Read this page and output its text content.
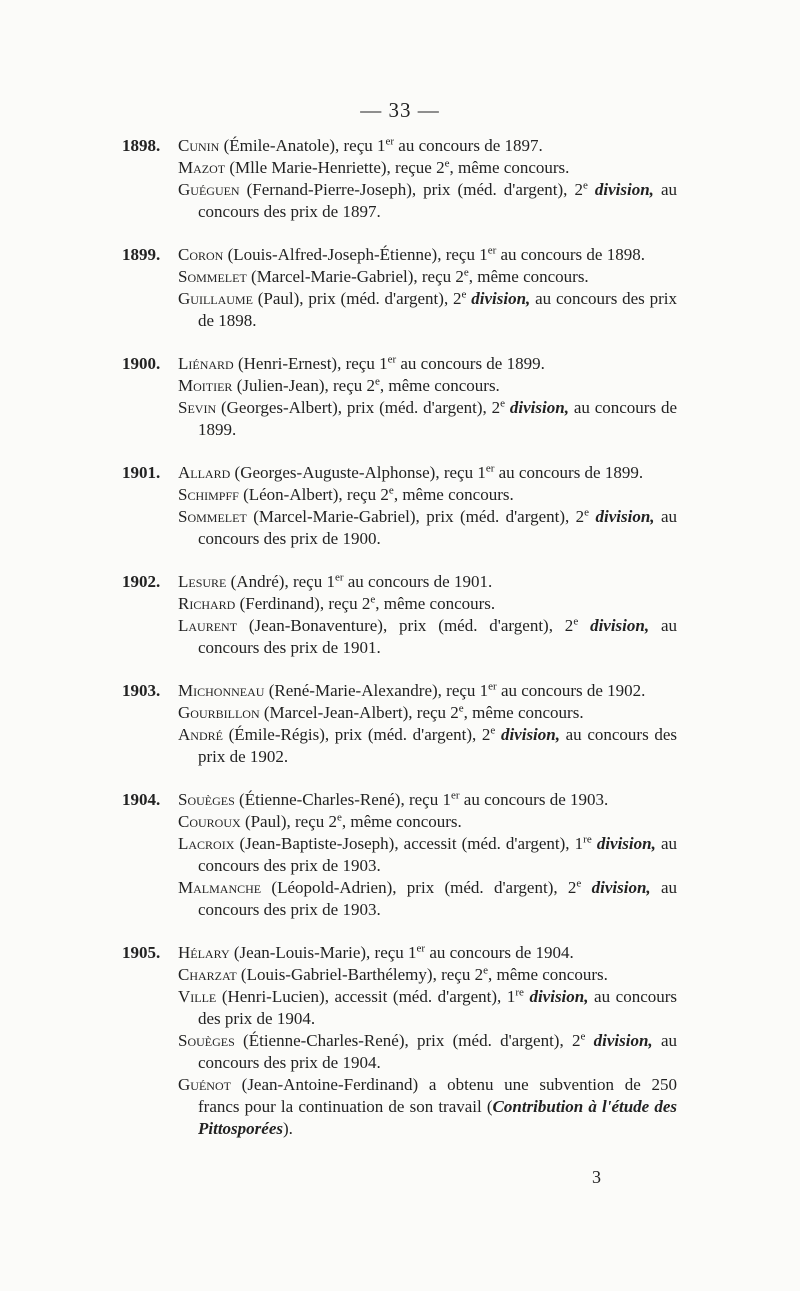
— 33 —
1898.	Cunin (Émile-Anatole), reçu 1er au concours de 1897.

Mazot (Mlle Marie-Henriette), reçue 2e, même concours.

Guéguen (Fernand-Pierre-Joseph), prix (méd. d'argent), 2e division, au concours des prix de 1897.

1899.	Coron (Louis-Alfred-Joseph-Étienne), reçu 1er au concours de 1898.

Sommelet (Marcel-Marie-Gabriel), reçu 2e, même concours.

Guillaume (Paul), prix (méd. d'argent), 2e division, au concours des prix de 1898.

1900.	Liénard (Henri-Ernest), reçu 1er au concours de 1899.

Moitier (Julien-Jean), reçu 2e, même concours.

Sevin (Georges-Albert), prix (méd. d'argent), 2e division, au concours de 1899.

1901.	Allard (Georges-Auguste-Alphonse), reçu 1er au concours de 1899.

Schimpff (Léon-Albert), reçu 2e, même concours.

Sommelet (Marcel-Marie-Gabriel), prix (méd. d'argent), 2e division, au concours des prix de 1900.

1902.	Lesure (André), reçu 1er au concours de 1901.

Richard (Ferdinand), reçu 2e, même concours.

Laurent (Jean-Bonaventure), prix (méd. d'argent), 2e division, au concours des prix de 1901.

1903.	Michonneau (René-Marie-Alexandre), reçu 1er au concours de 1902.

Gourbillon (Marcel-Jean-Albert), reçu 2e, même concours.

André (Émile-Régis), prix (méd. d'argent), 2e division, au concours des prix de 1902.

1904.	Souèges (Étienne-Charles-René), reçu 1er au concours de 1903.

Couroux (Paul), reçu 2e, même concours.

Lacroix (Jean-Baptiste-Joseph), accessit (méd. d'argent), 1re division, au concours des prix de 1903.

Malmanche (Léopold-Adrien), prix (méd. d'argent), 2e division, au concours des prix de 1903.

1905.	Hélary (Jean-Louis-Marie), reçu 1er au concours de 1904.

Charzat (Louis-Gabriel-Barthélemy), reçu 2e, même concours.

Ville (Henri-Lucien), accessit (méd. d'argent), 1re division, au concours des prix de 1904.

Souèges (Étienne-Charles-René), prix (méd. d'argent), 2e division, au concours des prix de 1904.

Guénot (Jean-Antoine-Ferdinand) a obtenu une subvention de 250 francs pour la continuation de son travail (Contribution à l'étude des Pittosporées).

3
